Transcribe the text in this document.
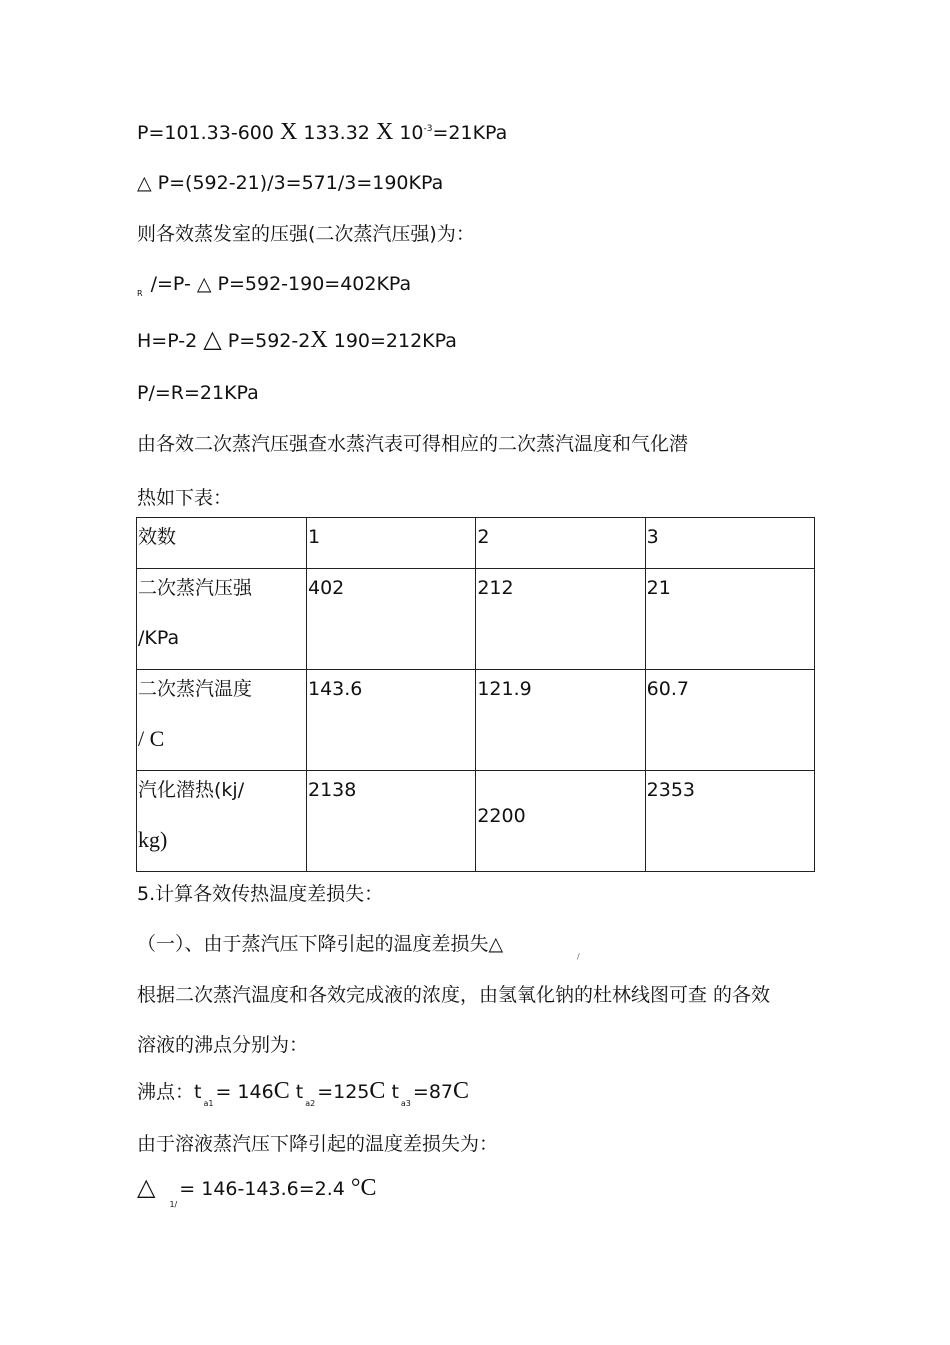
P=101.33-600 X 133.32 X $10^{-3}=21KPa$
△ P=(592-21)/3=571/3=190KPa
则各效蒸发室的压强(二次蒸汽压强)为：
$_R$ /=P- △ P=592-190=402KPa
H=P-2 △ P=592-2X 190=212KPa
P/=R=21KPa
由各效二次蒸汽压强查水蒸汽表可得相应的二次蒸汽温度和气化潜
热如下表：
效数	1	2	3
二次蒸汽压强
/KPa	402	212	21
二次蒸汽温度
/ C	143.6	121.9	60.7
汽化潜热(kj/
kg)	2138	2200	2353
5.计算各效传热温度差损失：
（一）、由于蒸汽压下降引起的温度差损失△
/
根据二次蒸汽温度和各效完成液的浓度，由氢氧化钠的杜林线图可查 的各效
溶液的沸点分别为：
沸点：$t_{a1}= 146C$ $t_{a2}=125C$ $t_{a3}=87C$
由于溶液蒸汽压下降引起的温度差损失为：
$\triangle_{1/}= 146-143.6=2.4$ °C
